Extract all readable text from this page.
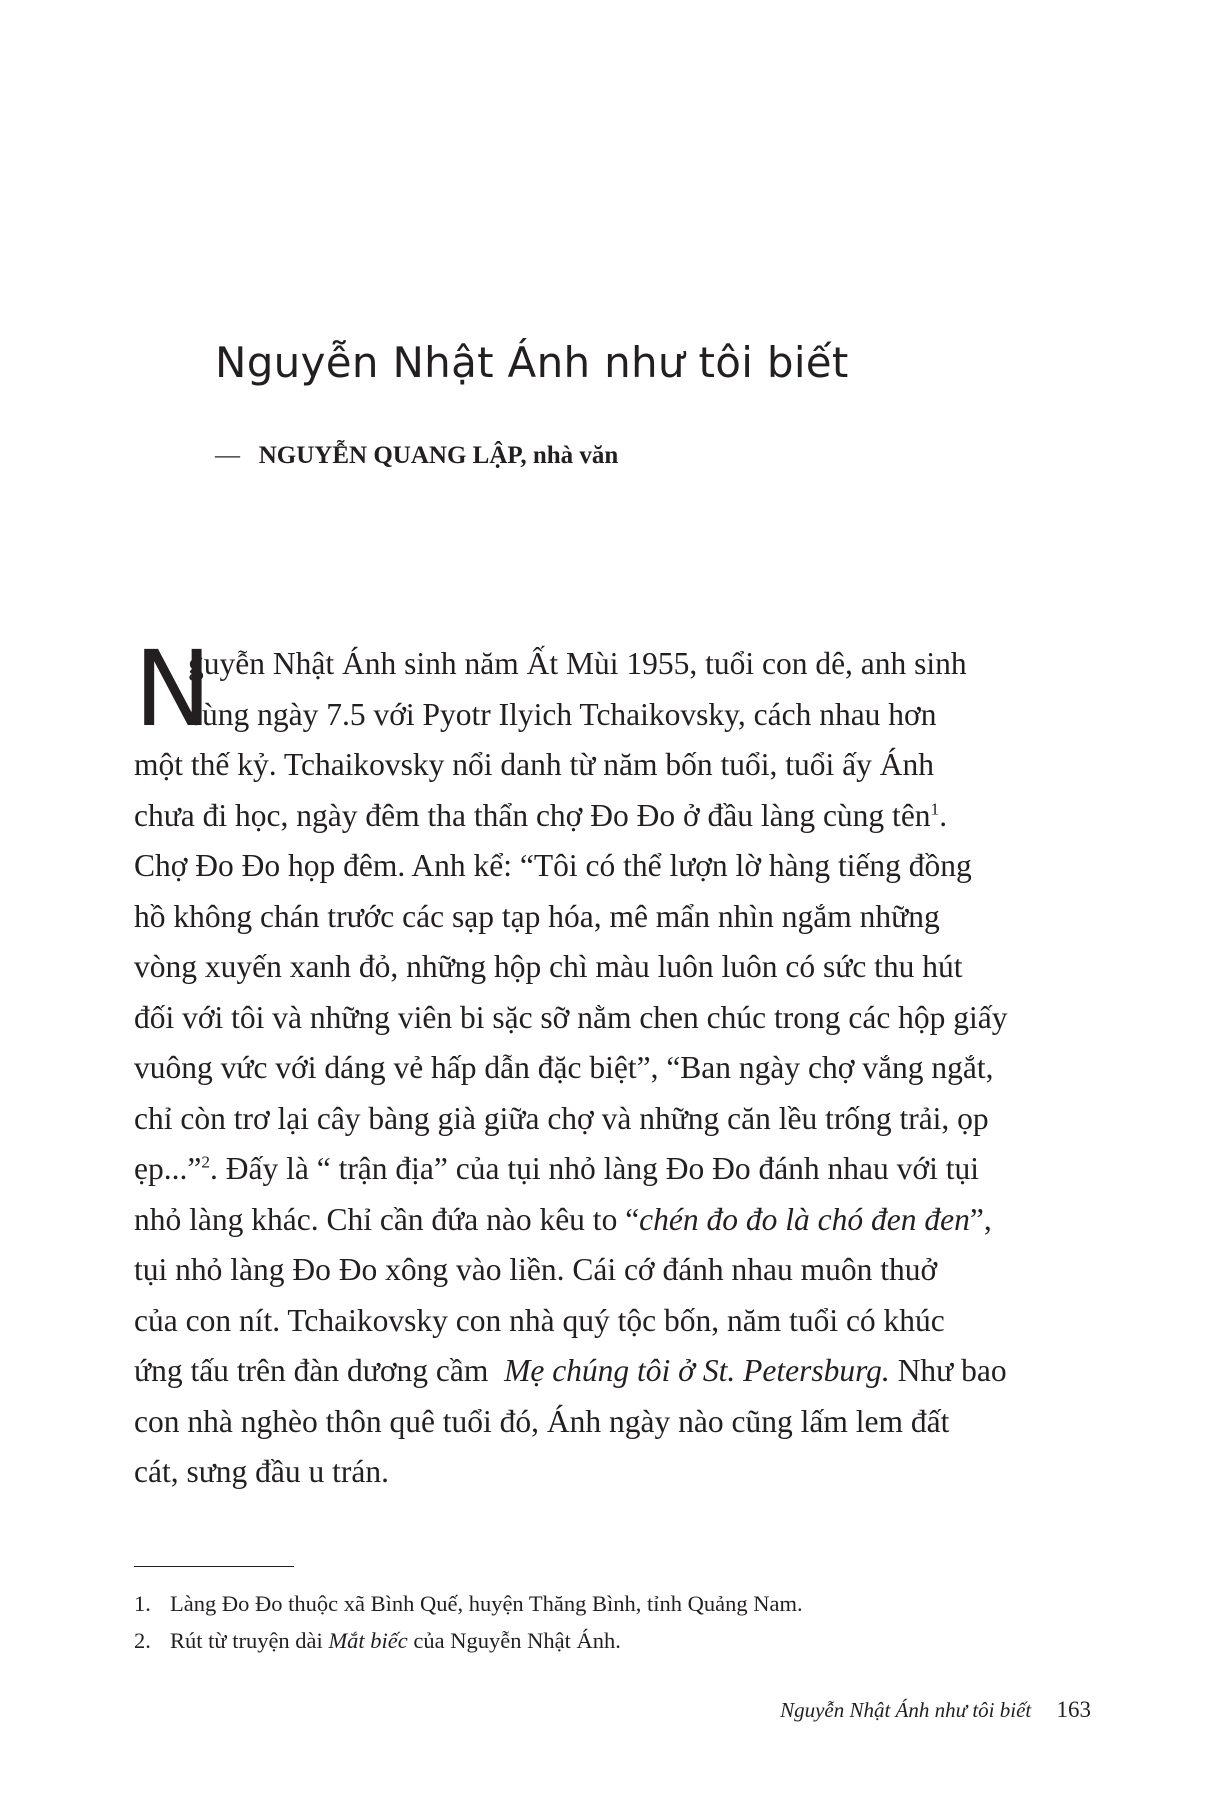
Nguyễn Nhật Ánh như tôi biết
— NGUYỄN QUANG LẬP, nhà văn
N
guyễn Nhật Ánh sinh năm Ất Mùi 1955, tuổi con dê, anh sinh
cùng ngày 7.5 với Pyotr Ilyich Tchaikovsky, cách nhau hơn
một thế kỷ. Tchaikovsky nổi danh từ năm bốn tuổi, tuổi ấy Ánh
chưa đi học, ngày đêm tha thẩn chợ Đo Đo ở đầu làng cùng tên$^1$.
Chợ Đo Đo họp đêm. Anh kể: “Tôi có thể lượn lờ hàng tiếng đồng
hồ không chán trước các sạp tạp hóa, mê mẩn nhìn ngắm những
vòng xuyến xanh đỏ, những hộp chì màu luôn luôn có sức thu hút
đối với tôi và những viên bi sặc sỡ nằm chen chúc trong các hộp giấy
vuông vức với dáng vẻ hấp dẫn đặc biệt”, “Ban ngày chợ vắng ngắt,
chỉ còn trơ lại cây bàng già giữa chợ và những căn lều trống trải, ọp
ẹp...”$^2$. Đấy là “ trận địa” của tụi nhỏ làng Đo Đo đánh nhau với tụi
nhỏ làng khác. Chỉ cần đứa nào kêu to “chén đo đo là chó đen đen”,
tụi nhỏ làng Đo Đo xông vào liền. Cái cớ đánh nhau muôn thuở
của con nít. Tchaikovsky con nhà quý tộc bốn, năm tuổi có khúc
ứng tấu trên đàn dương cầm  Mẹ chúng tôi ở St. Petersburg. Như bao
con nhà nghèo thôn quê tuổi đó, Ánh ngày nào cũng lấm lem đất
cát, sưng đầu u trán.
1. Làng Đo Đo thuộc xã Bình Quế, huyện Thăng Bình, tỉnh Quảng Nam.
2. Rút từ truyện dài Mắt biếc của Nguyễn Nhật Ánh.
Nguyễn Nhật Ánh như tôi biết 163
